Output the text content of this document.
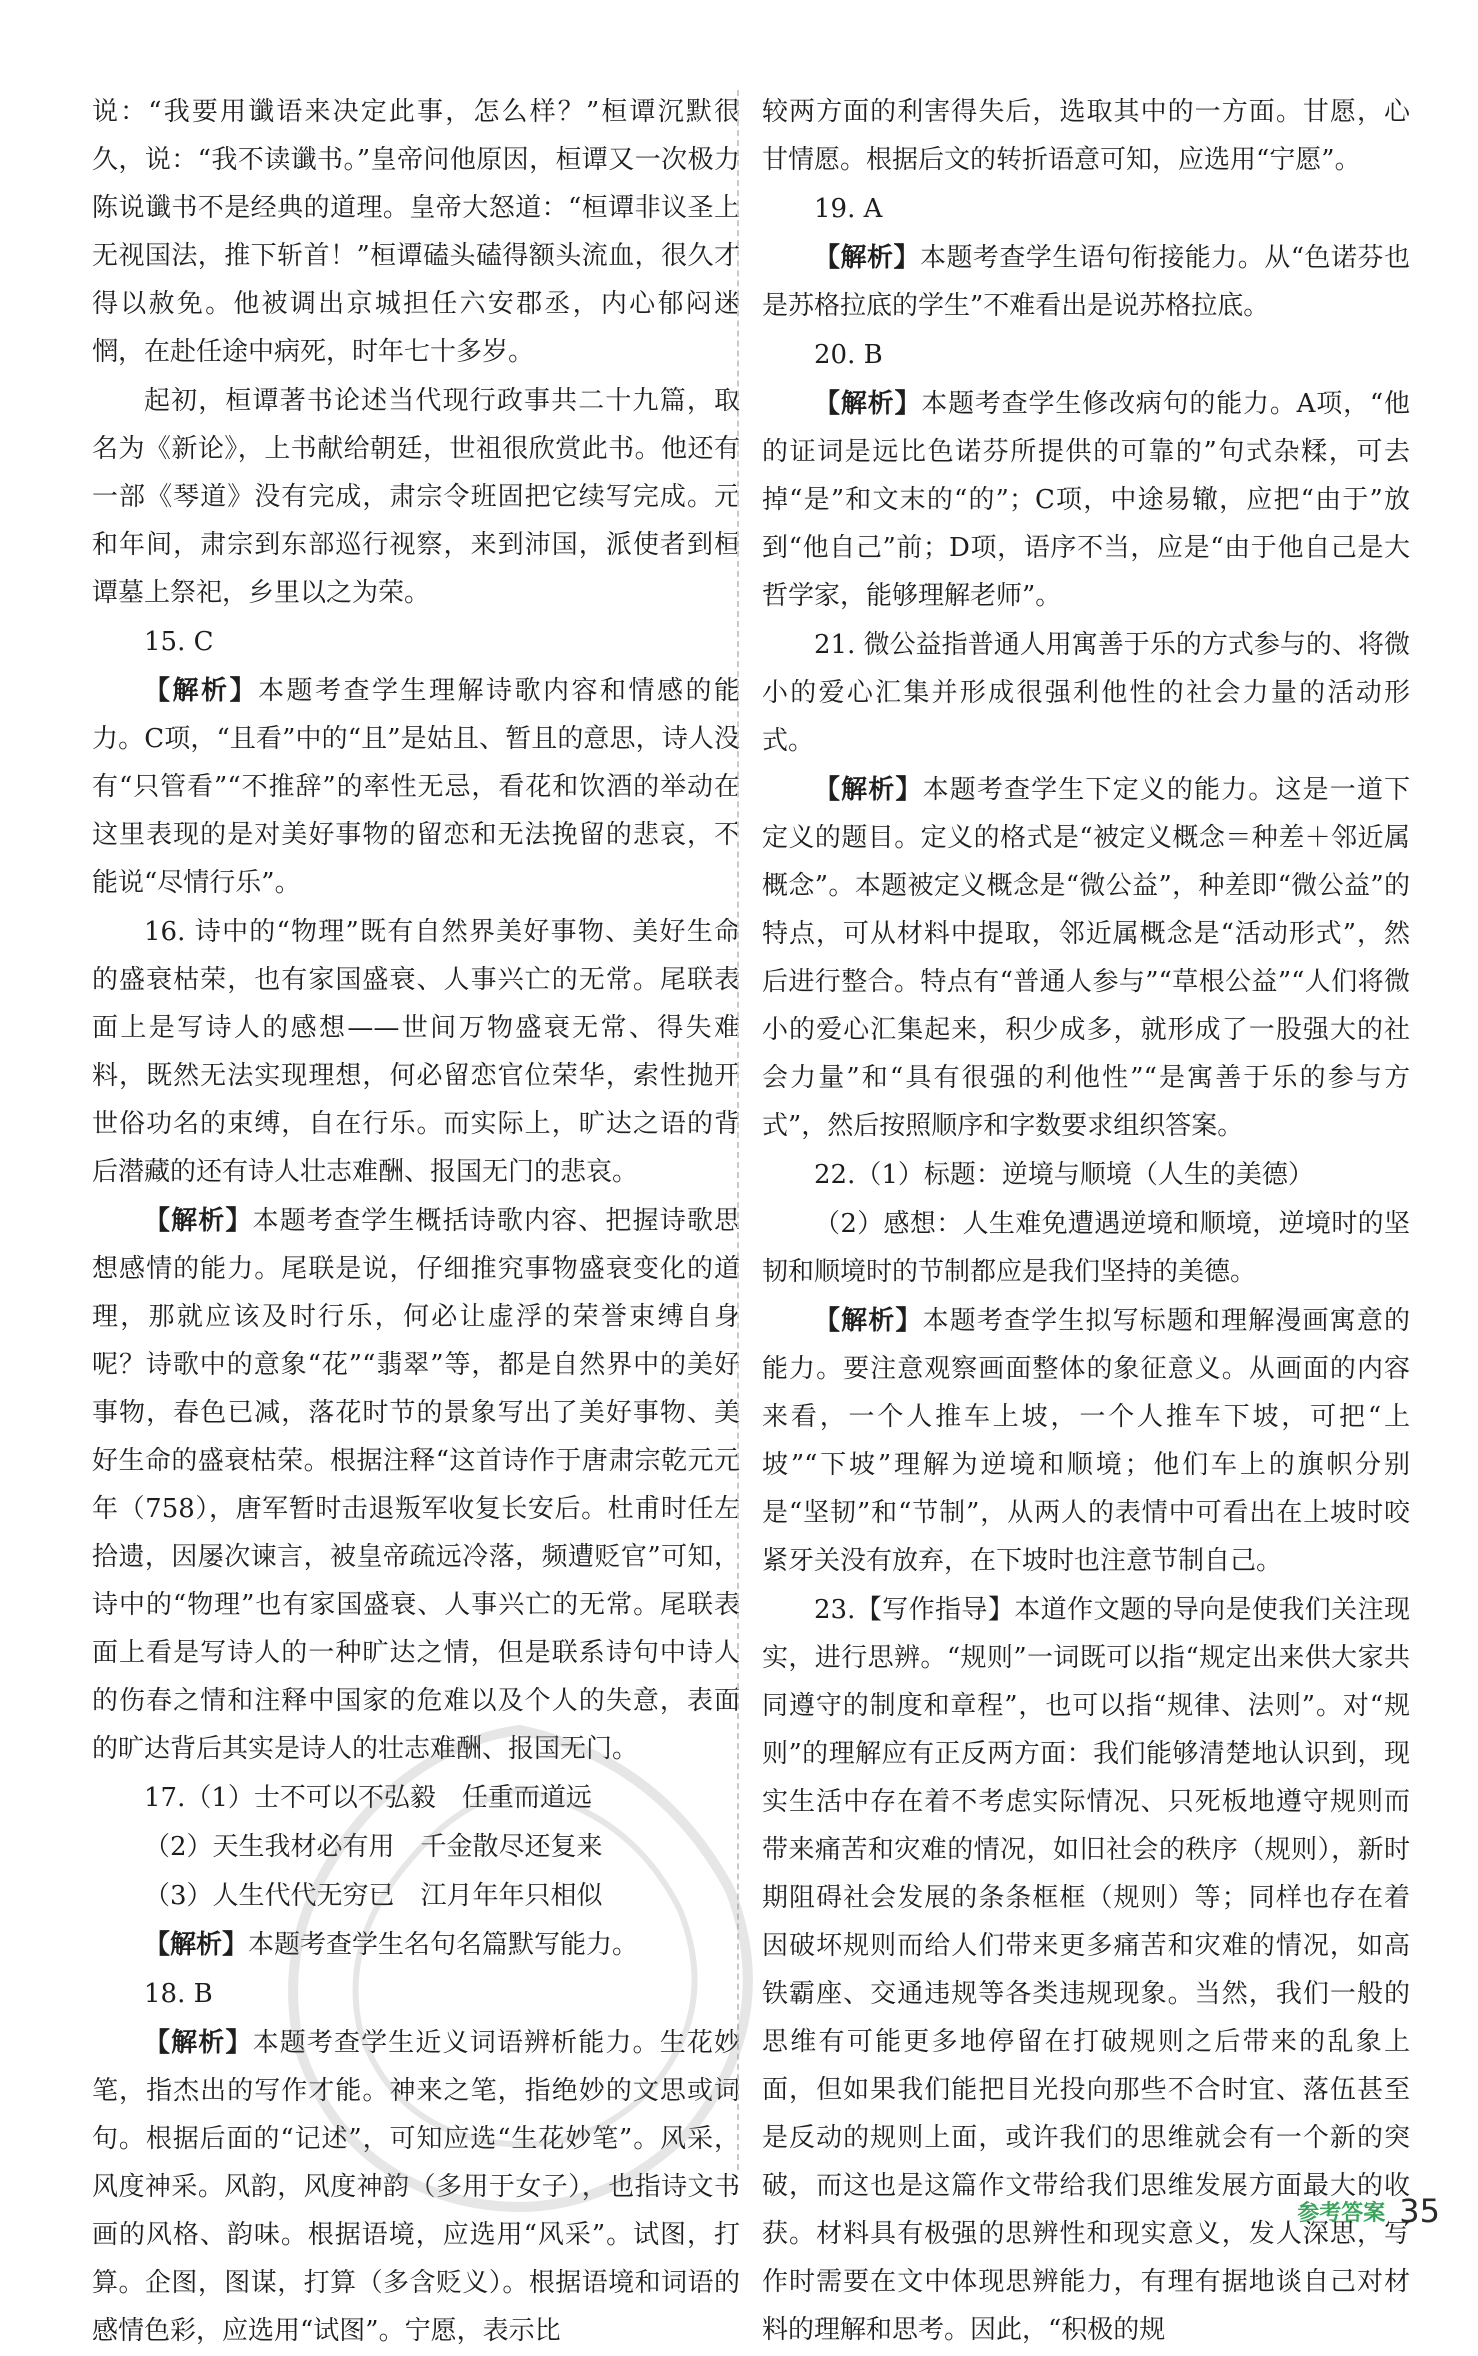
说：“我要用谶语来决定此事，怎么样？”桓谭沉默很久，说：“我不读谶书。”皇帝问他原因，桓谭又一次极力陈说谶书不是经典的道理。皇帝大怒道：“桓谭非议圣上无视国法，推下斩首！”桓谭磕头磕得额头流血，很久才得以赦免。他被调出京城担任六安郡丞，内心郁闷迷惘，在赴任途中病死，时年七十多岁。

起初，桓谭著书论述当代现行政事共二十九篇，取名为《新论》，上书献给朝廷，世祖很欣赏此书。他还有一部《琴道》没有完成，肃宗令班固把它续写完成。元和年间，肃宗到东部巡行视察，来到沛国，派使者到桓谭墓上祭祀，乡里以之为荣。

15. C

【解析】本题考查学生理解诗歌内容和情感的能力。C项，“且看”中的“且”是姑且、暂且的意思，诗人没有“只管看”“不推辞”的率性无忌，看花和饮酒的举动在这里表现的是对美好事物的留恋和无法挽留的悲哀，不能说“尽情行乐”。

16. 诗中的“物理”既有自然界美好事物、美好生命的盛衰枯荣，也有家国盛衰、人事兴亡的无常。尾联表面上是写诗人的感想——世间万物盛衰无常、得失难料，既然无法实现理想，何必留恋官位荣华，索性抛开世俗功名的束缚，自在行乐。而实际上，旷达之语的背后潜藏的还有诗人壮志难酬、报国无门的悲哀。

【解析】本题考查学生概括诗歌内容、把握诗歌思想感情的能力。尾联是说，仔细推究事物盛衰变化的道理，那就应该及时行乐，何必让虚浮的荣誉束缚自身呢？诗歌中的意象“花”“翡翠”等，都是自然界中的美好事物，春色已减，落花时节的景象写出了美好事物、美好生命的盛衰枯荣。根据注释“这首诗作于唐肃宗乾元元年（758），唐军暂时击退叛军收复长安后。杜甫时任左拾遗，因屡次谏言，被皇帝疏远冷落，频遭贬官”可知，诗中的“物理”也有家国盛衰、人事兴亡的无常。尾联表面上看是写诗人的一种旷达之情，但是联系诗句中诗人的伤春之情和注释中国家的危难以及个人的失意，表面的旷达背后其实是诗人的壮志难酬、报国无门。

17.（1）士不可以不弘毅　任重而道远

（2）天生我材必有用　千金散尽还复来

（3）人生代代无穷已　江月年年只相似

【解析】本题考查学生名句名篇默写能力。

18. B

【解析】本题考查学生近义词语辨析能力。生花妙笔，指杰出的写作才能。神来之笔，指绝妙的文思或词句。根据后面的“记述”，可知应选“生花妙笔”。风采，风度神采。风韵，风度神韵（多用于女子），也指诗文书画的风格、韵味。根据语境，应选用“风采”。试图，打算。企图，图谋，打算（多含贬义）。根据语境和词语的感情色彩，应选用“试图”。宁愿，表示比

较两方面的利害得失后，选取其中的一方面。甘愿，心甘情愿。根据后文的转折语意可知，应选用“宁愿”。

19. A

【解析】本题考查学生语句衔接能力。从“色诺芬也是苏格拉底的学生”不难看出是说苏格拉底。

20. B

【解析】本题考查学生修改病句的能力。A项，“他的证词是远比色诺芬所提供的可靠的”句式杂糅，可去掉“是”和文末的“的”；C项，中途易辙，应把“由于”放到“他自己”前；D项，语序不当，应是“由于他自己是大哲学家，能够理解老师”。

21. 微公益指普通人用寓善于乐的方式参与的、将微小的爱心汇集并形成很强利他性的社会力量的活动形式。

【解析】本题考查学生下定义的能力。这是一道下定义的题目。定义的格式是“被定义概念＝种差＋邻近属概念”。本题被定义概念是“微公益”，种差即“微公益”的特点，可从材料中提取，邻近属概念是“活动形式”，然后进行整合。特点有“普通人参与”“草根公益”“人们将微小的爱心汇集起来，积少成多，就形成了一股强大的社会力量”和“具有很强的利他性”“是寓善于乐的参与方式”，然后按照顺序和字数要求组织答案。

22.（1）标题：逆境与顺境（人生的美德）

（2）感想：人生难免遭遇逆境和顺境，逆境时的坚韧和顺境时的节制都应是我们坚持的美德。

【解析】本题考查学生拟写标题和理解漫画寓意的能力。要注意观察画面整体的象征意义。从画面的内容来看，一个人推车上坡，一个人推车下坡，可把“上坡”“下坡”理解为逆境和顺境；他们车上的旗帜分别是“坚韧”和“节制”，从两人的表情中可看出在上坡时咬紧牙关没有放弃，在下坡时也注意节制自己。

23.【写作指导】本道作文题的导向是使我们关注现实，进行思辨。“规则”一词既可以指“规定出来供大家共同遵守的制度和章程”，也可以指“规律、法则”。对“规则”的理解应有正反两方面：我们能够清楚地认识到，现实生活中存在着不考虑实际情况、只死板地遵守规则而带来痛苦和灾难的情况，如旧社会的秩序（规则），新时期阻碍社会发展的条条框框（规则）等；同样也存在着因破坏规则而给人们带来更多痛苦和灾难的情况，如高铁霸座、交通违规等各类违规现象。当然，我们一般的思维有可能更多地停留在打破规则之后带来的乱象上面，但如果我们能把目光投向那些不合时宜、落伍甚至是反动的规则上面，或许我们的思维就会有一个新的突破，而这也是这篇作文带给我们思维发展方面最大的收获。材料具有极强的思辨性和现实意义，发人深思，写作时需要在文中体现思辨能力，有理有据地谈自己对材料的理解和思考。因此，“积极的规

参考答案 35
